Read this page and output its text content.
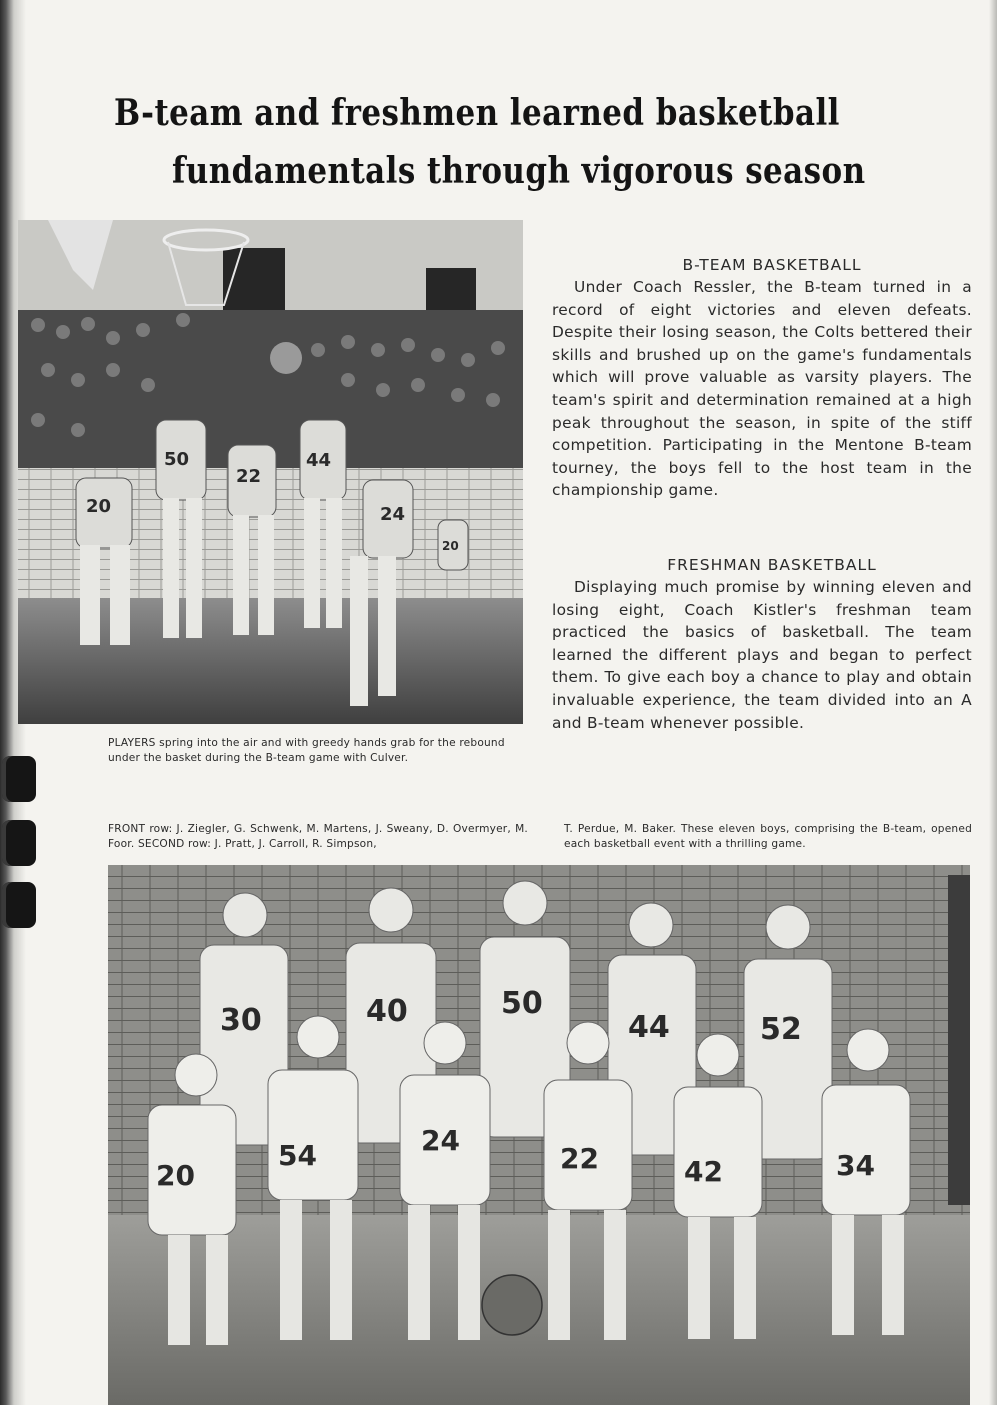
B-team and freshmen learned basketball
fundamentals through vigorous season
20
50
22
44
24
20
PLAYERS spring into the air and with greedy hands grab for the rebound under the basket during the B-team game with Culver.
B-TEAM BASKETBALL

Under Coach Ressler, the B-team turned in a record of eight victories and eleven defeats. Despite their losing season, the Colts bettered their skills and brushed up on the game's fundamentals which will prove valuable as varsity players. The team's spirit and determination remained at a high peak throughout the season, in spite of the stiff competition. Participating in the Mentone B-team tourney, the boys fell to the host team in the championship game.

FRESHMAN BASKETBALL

Displaying much promise by winning eleven and losing eight, Coach Kistler's freshman team practiced the basics of basketball. The team learned the different plays and began to perfect them. To give each boy a chance to play and obtain invaluable experience, the team divided into an A and B-team whenever possible.

FRONT row: J. Ziegler, G. Schwenk, M. Martens, J. Sweany, D. Overmyer, M. Foor. SECOND row: J. Pratt, J. Carroll, R. Simpson,
T. Perdue, M. Baker. These eleven boys, comprising the B-team, opened each basketball event with a thrilling game.
30	40	50
44	52
20
54	24
22	42	34
